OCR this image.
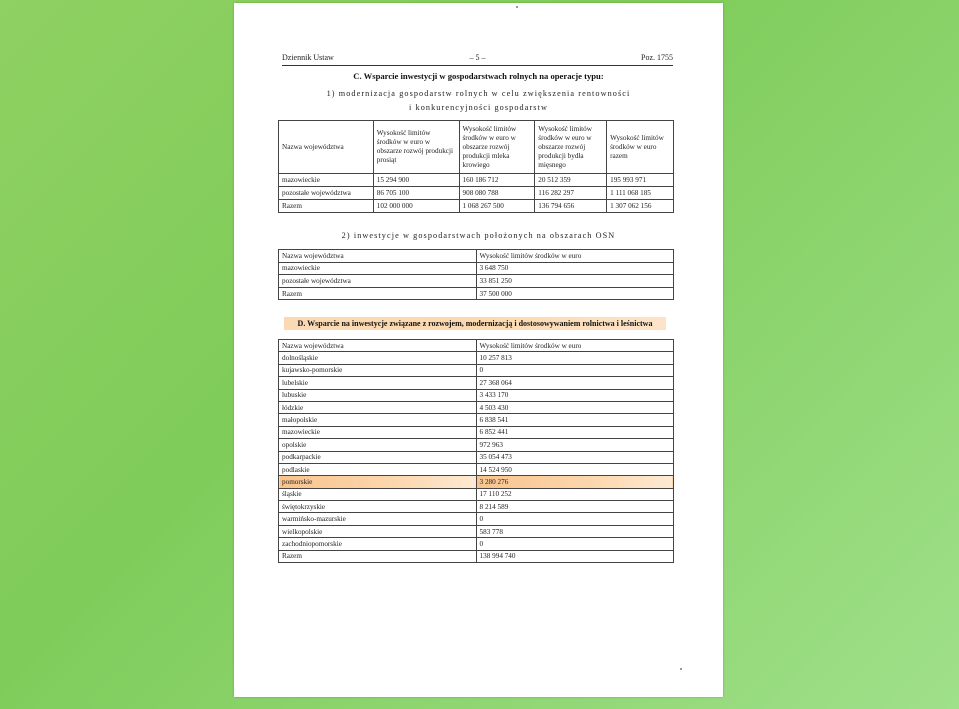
Dziennik Ustaw	– 5 –	Poz. 1755
C. Wsparcie inwestycji w gospodarstwach rolnych na operacje typu:
1) modernizacja gospodarstw rolnych w celu zwiększenia rentowności
i konkurencyjności gospodarstw
Nazwa województwa	Wysokość limitów środków w euro w obszarze rozwój produkcji prosiąt	Wysokość limitów środków w euro w obszarze rozwój produkcji mleka krowiego	Wysokość limitów środków w euro w obszarze rozwój produkcji bydła mięsnego	Wysokość limitów środków w euro razem
mazowieckie	15 294 900	160 186 712	20 512 359	195 993 971
pozostałe województwa	86 705 100	908 080 788	116 282 297	1 111 068 185
Razem	102 000 000	1 068 267 500	136 794 656	1 307 062 156
2) inwestycje w gospodarstwach położonych na obszarach OSN
Nazwa województwa	Wysokość limitów środków w euro
mazowieckie	3 648 750
pozostałe województwa	33 851 250
Razem	37 500 000
D. Wsparcie na inwestycje związane z rozwojem, modernizacją i dostosowywaniem rolnictwa i leśnictwa
Nazwa województwa	Wysokość limitów środków w euro
dolnośląskie	10 257 813
kujawsko-pomorskie	0
lubelskie	27 368 064
lubuskie	3 433 170
łódzkie	4 503 430
małopolskie	6 838 541
mazowieckie	6 852 441
opolskie	972 963
podkarpackie	35 054 473
podlaskie	14 524 950
pomorskie	3 280 276
śląskie	17 110 252
świętokrzyskie	8 214 589
warmińsko-mazurskie	0
wielkopolskie	583 778
zachodniopomorskie	0
Razem	138 994 740
